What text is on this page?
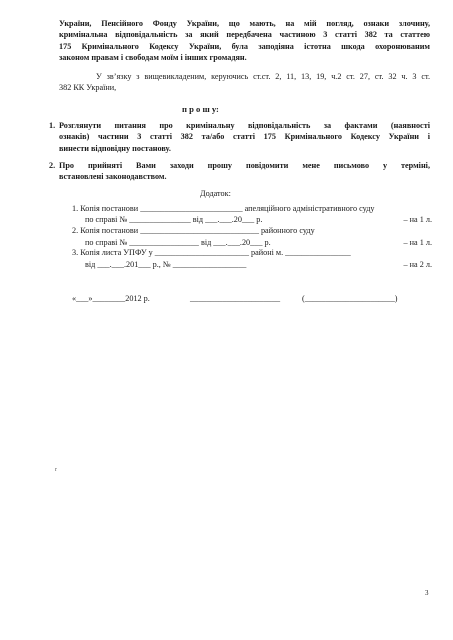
України, Пенсійного Фонду України, що мають, на мій погляд, ознаки злочину,
кримінальна відповідальність за який передбачена частиною 3 статті 382 та статтею
175 Кримінального Кодексу України, була заподіяна істотна шкода охоронюваним
законом правам і свободам моїм і інших громадян.
У зв’язку з вищевикладеним, керуючись ст.ст. 2, 11, 13, 19, ч.2 ст. 27, ст. 32 ч. 3 ст.
382 КК України,
п р о ш у:
1. Розглянути питання про кримінальну відповідальність за фактами (наявності
ознаків) частини 3 статті 382 та/або статті 175 Кримінального Кодексу України і
винести відповідну постанову.
2. Про прийняті Вами заходи прошу повідомити мене письмово у терміні,
встановлені законодавством.
Додаток:
1. Копія постанови _________________________ апеляційного адміністративного суду
по справі № _______________ від ___.___.20___ р.	– на 1 л.
2. Копія постанови _____________________________ районного суду
по справі № _________________ від ___.___.20___ р.	– на 1 л.
3. Копія листа УПФУ у _______________________ районі м. ________________
від ___.___.201___ р., № __________________	– на 2 л.
«___»________2012 р.	______________________	(______________________)
r
3
